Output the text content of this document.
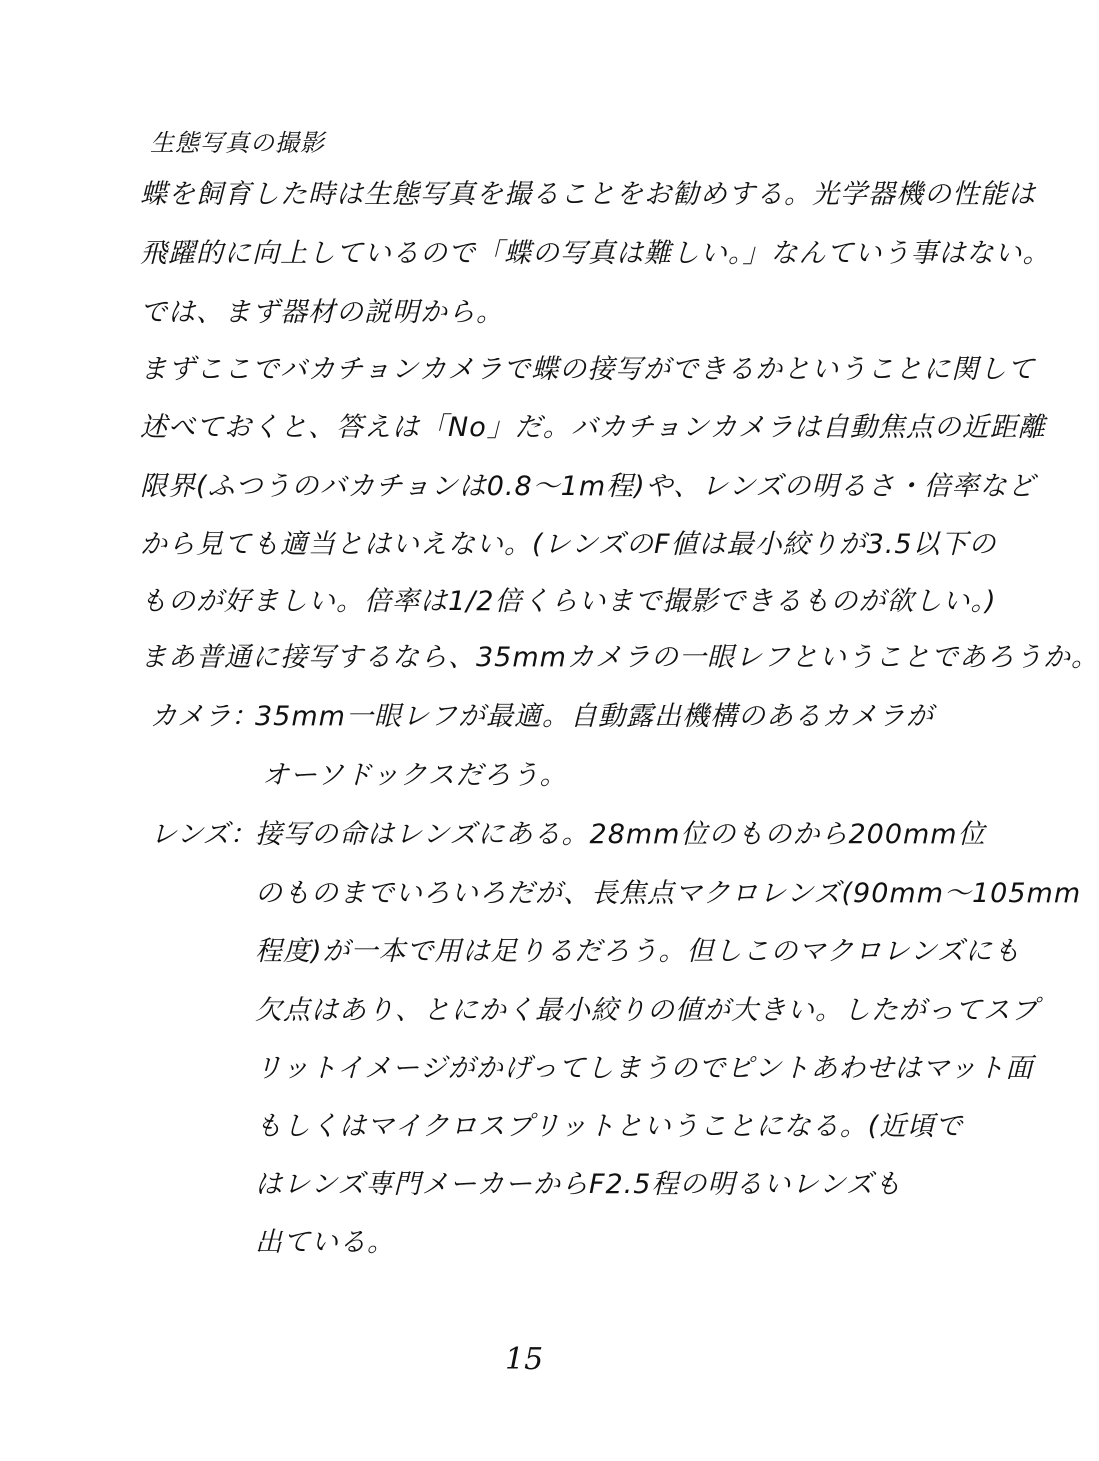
生態写真の撮影
蝶を飼育した時は生態写真を撮ることをお勧めする。光学器機の性能は
飛躍的に向上しているので「蝶の写真は難しい。」なんていう事はない。
では、まず器材の説明から。
まずここでバカチョンカメラで蝶の接写ができるかということに関して
述べておくと、答えは「No」だ。バカチョンカメラは自動焦点の近距離
限界(ふつうのバカチョンは0.8〜1m程)や、レンズの明るさ・倍率など
から見ても適当とはいえない。(レンズのF値は最小絞りが3.5以下の
ものが好ましい。倍率は1/2倍くらいまで撮影できるものが欲しい。)
まあ普通に接写するなら、35mmカメラの一眼レフということであろうか。
カメラ：
35mm一眼レフが最適。自動露出機構のあるカメラが
オーソドックスだろう。
レンズ：
接写の命はレンズにある。28mm位のものから200mm位
のものまでいろいろだが、長焦点マクロレンズ(90mm〜105mm
程度)が一本で用は足りるだろう。但しこのマクロレンズにも
欠点はあり、とにかく最小絞りの値が大きい。したがってスプ
リットイメージがかげってしまうのでピントあわせはマット面
もしくはマイクロスプリットということになる。(近頃で
はレンズ専門メーカーからF2.5程の明るいレンズも
出ている。
15
